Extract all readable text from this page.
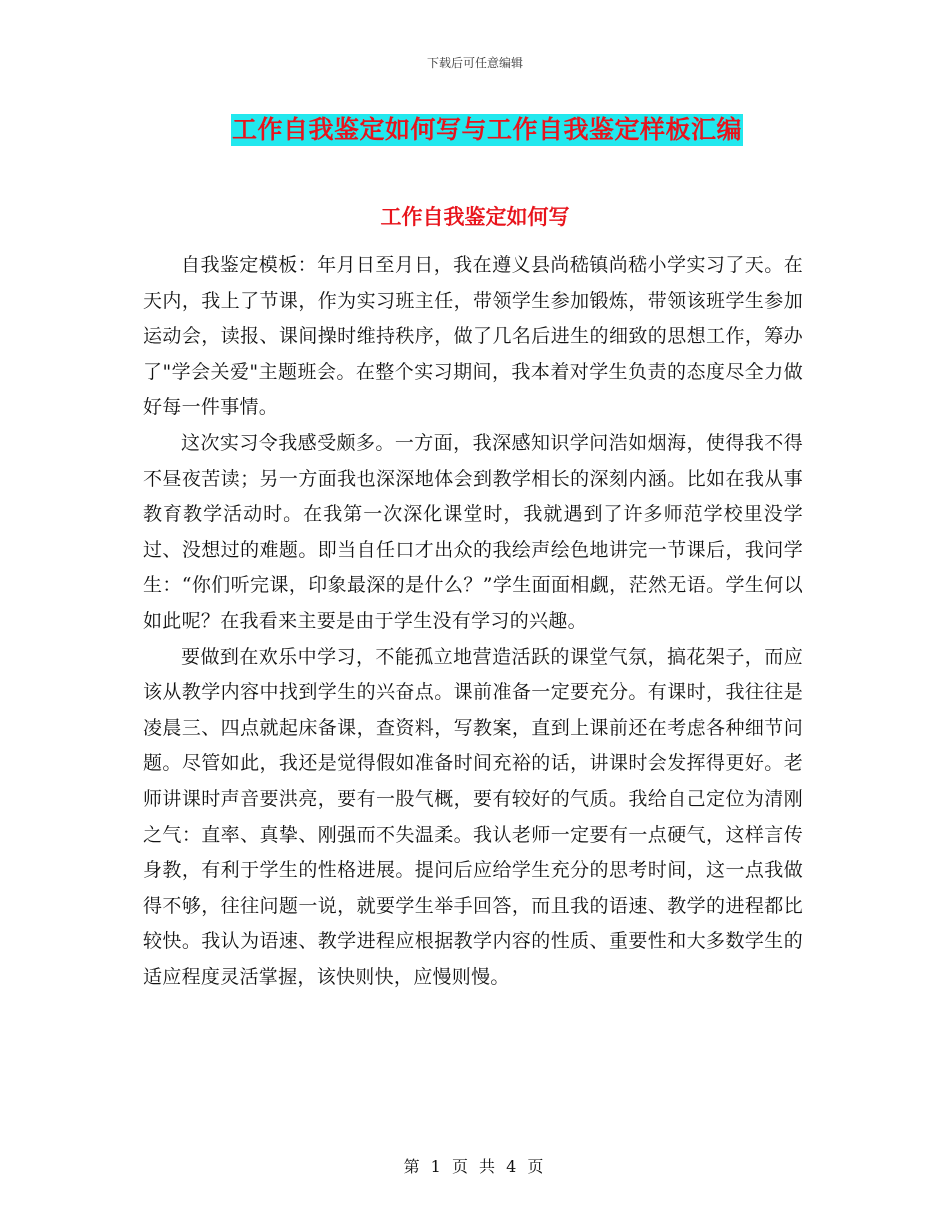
下载后可任意编辑
工作自我鉴定如何写与工作自我鉴定样板汇编
工作自我鉴定如何写

自我鉴定模板：年月日至月日，我在遵义县尚嵇镇尚嵇小学实习了天。在天内，我上了节课，作为实习班主任，带领学生参加锻炼，带领该班学生参加运动会，读报、课间操时维持秩序，做了几名后进生的细致的思想工作，筹办了"学会关爱"主题班会。在整个实习期间，我本着对学生负责的态度尽全力做好每一件事情。

这次实习令我感受颇多。一方面，我深感知识学问浩如烟海，使得我不得不昼夜苦读；另一方面我也深深地体会到教学相长的深刻内涵。比如在我从事教育教学活动时。在我第一次深化课堂时，我就遇到了许多师范学校里没学过、没想过的难题。即当自任口才出众的我绘声绘色地讲完一节课后，我问学生：“你们听完课，印象最深的是什么？”学生面面相觑，茫然无语。学生何以如此呢？在我看来主要是由于学生没有学习的兴趣。

要做到在欢乐中学习，不能孤立地营造活跃的课堂气氛，搞花架子，而应该从教学内容中找到学生的兴奋点。课前准备一定要充分。有课时，我往往是凌晨三、四点就起床备课，查资料，写教案，直到上课前还在考虑各种细节问题。尽管如此，我还是觉得假如准备时间充裕的话，讲课时会发挥得更好。老师讲课时声音要洪亮，要有一股气概，要有较好的气质。我给自己定位为清刚之气：直率、真挚、刚强而不失温柔。我认老师一定要有一点硬气，这样言传身教，有利于学生的性格进展。提问后应给学生充分的思考时间，这一点我做得不够，往往问题一说，就要学生举手回答，而且我的语速、教学的进程都比较快。我认为语速、教学进程应根据教学内容的性质、重要性和大多数学生的适应程度灵活掌握，该快则快，应慢则慢。

第 1 页 共 4 页
